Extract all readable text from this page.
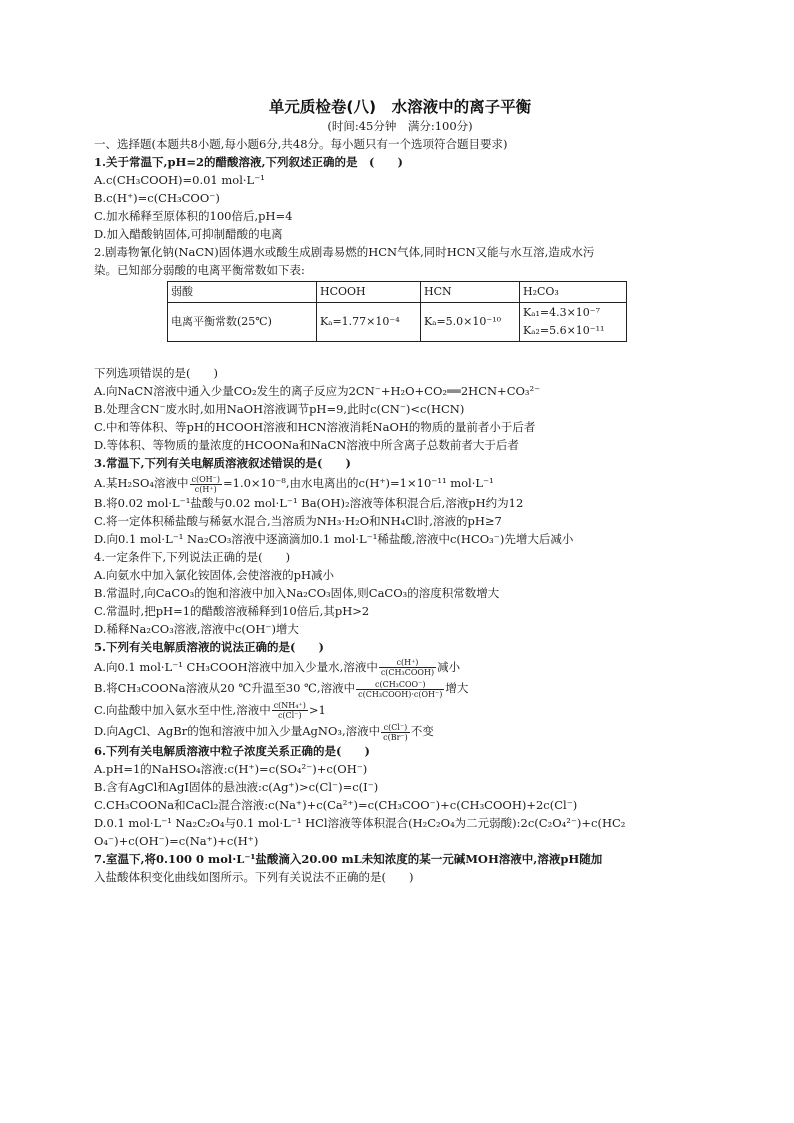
单元质检卷(八)　水溶液中的离子平衡
(时间:45分钟　满分:100分)
一、选择题(本题共8小题,每小题6分,共48分。每小题只有一个选项符合题目要求)
1.关于常温下,pH=2的醋酸溶液,下列叙述正确的是　(　　)
A.c(CH₃COOH)=0.01 mol·L⁻¹
B.c(H⁺)=c(CH₃COO⁻)
C.加水稀释至原体积的100倍后,pH=4
D.加入醋酸钠固体,可抑制醋酸的电离
2.剧毒物氰化钠(NaCN)固体遇水或酸生成剧毒易燃的HCN气体,同时HCN又能与水互溶,造成水污
染。已知部分弱酸的电离平衡常数如下表:
弱酸	HCOOH	HCN	H₂CO₃
电离平衡常数(25℃)	Kₐ=1.77×10⁻⁴	Kₐ=5.0×10⁻¹⁰	Kₐ₁=4.3×10⁻⁷
Kₐ₂=5.6×10⁻¹¹
下列选项错误的是(　　)
A.向NaCN溶液中通入少量CO₂发生的离子反应为2CN⁻+H₂O+CO₂══2HCN+CO₃²⁻
B.处理含CN⁻废水时,如用NaOH溶液调节pH=9,此时c(CN⁻)<c(HCN)
C.中和等体积、等pH的HCOOH溶液和HCN溶液消耗NaOH的物质的量前者小于后者
D.等体积、等物质的量浓度的HCOONa和NaCN溶液中所含离子总数前者大于后者
3.常温下,下列有关电解质溶液叙述错误的是(　　)
A.某H₂SO₄溶液中 $\frac{c(OH^-)}{c(H^+)} =1.0\times 10^{-8}$,由水电离出的c(H⁺)=1×10⁻¹¹ mol·L⁻¹
B.将0.02 mol·L⁻¹盐酸与0.02 mol·L⁻¹ Ba(OH)₂溶液等体积混合后,溶液pH约为12
C.将一定体积稀盐酸与稀氨水混合,当溶质为NH₃·H₂O和NH₄Cl时,溶液的pH≥7
D.向0.1 mol·L⁻¹ Na₂CO₃溶液中逐滴滴加0.1 mol·L⁻¹稀盐酸,溶液中c(HCO₃⁻)先增大后减小
4.一定条件下,下列说法正确的是(　　)
A.向氨水中加入氯化铵固体,会使溶液的pH减小
B.常温时,向CaCO₃的饱和溶液中加入Na₂CO₃固体,则CaCO₃的溶度积常数增大
C.常温时,把pH=1的醋酸溶液稀释到10倍后,其pH>2
D.稀释Na₂CO₃溶液,溶液中c(OH⁻)增大
5.下列有关电解质溶液的说法正确的是(　　)
A.向0.1 mol·L⁻¹ CH₃COOH溶液中加入少量水,溶液中 $\frac{c(H^+)}{\text{c(CH₃COOH)}}$ 减小
B.将CH₃COONa溶液从20 ℃升温至30 ℃,溶液中 $\frac{\text{c(CH₃COO⁻)}}{\text{c(CH₃COOH)·c(OH⁻)}}$ 增大
C.向盐酸中加入氨水至中性,溶液中 $\frac{\text{c(NH₄⁺)}}{c(Cl^-)} >1$
D.向AgCl、AgBr的饱和溶液中加入少量AgNO₃,溶液中 $\frac{c(Cl^-)}{c(Br^-)}$ 不变
6.下列有关电解质溶液中粒子浓度关系正确的是(　　)
A.pH=1的NaHSO₄溶液:c(H⁺)=c(SO₄²⁻)+c(OH⁻)
B.含有AgCl和AgI固体的悬浊液:c(Ag⁺)>c(Cl⁻)=c(I⁻)
C.CH₃COONa和CaCl₂混合溶液:c(Na⁺)+c(Ca²⁺)=c(CH₃COO⁻)+c(CH₃COOH)+2c(Cl⁻)
D.0.1 mol·L⁻¹ Na₂C₂O₄与0.1 mol·L⁻¹ HCl溶液等体积混合(H₂C₂O₄为二元弱酸):2c(C₂O₄²⁻)+c(HC₂
O₄⁻)+c(OH⁻)=c(Na⁺)+c(H⁺)
7.室温下,将0.100 0 mol·L⁻¹盐酸滴入20.00 mL未知浓度的某一元碱MOH溶液中,溶液pH随加
入盐酸体积变化曲线如图所示。下列有关说法不正确的是(　　)
